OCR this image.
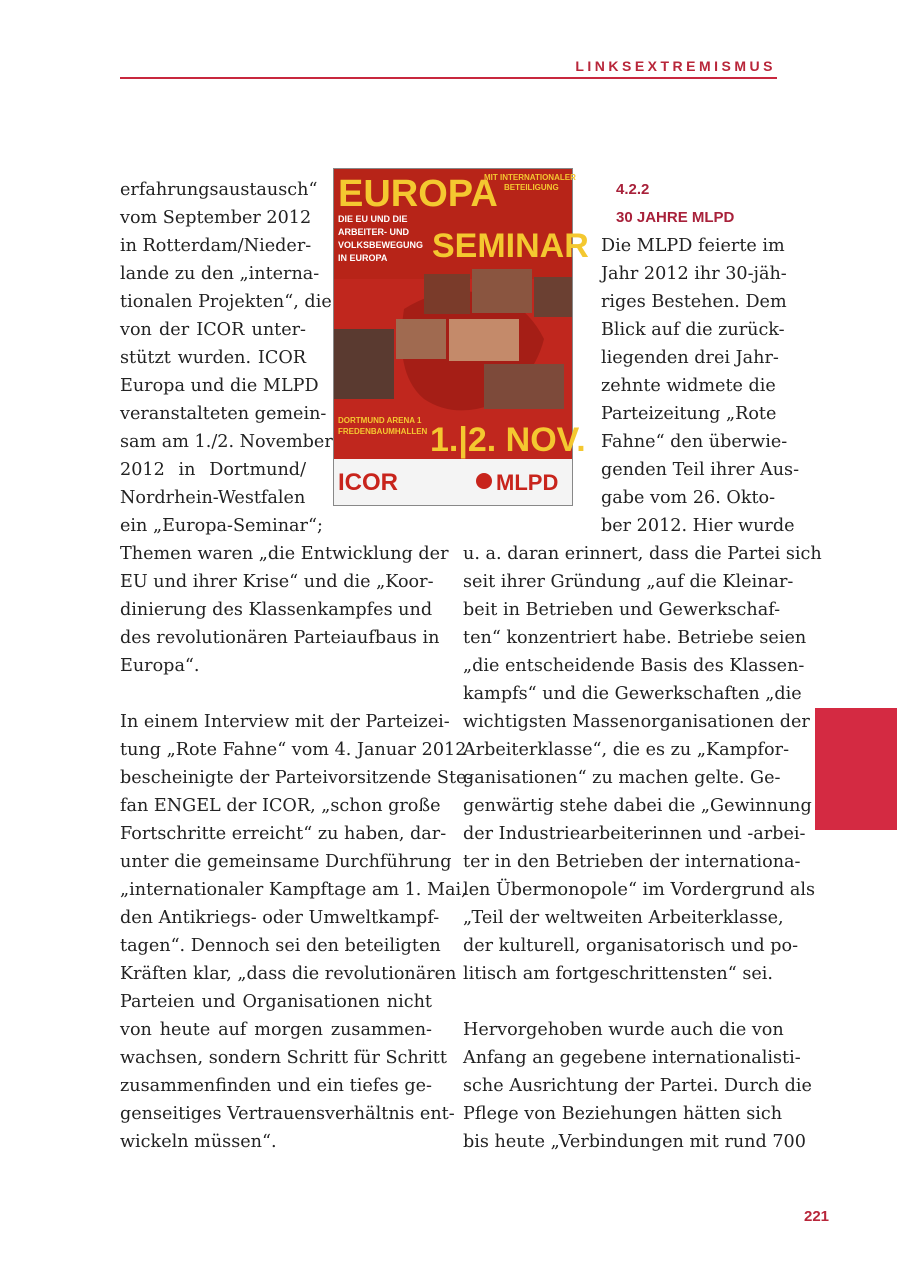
LINKSEXTREMISMUS
erfahrungsaustausch“
vom September 2012
in Rotterdam/Nieder-
lande zu den „interna-
tionalen Projekten“, die
von der ICOR unter-
stützt wurden. ICOR
Europa und die MLPD
veranstalteten gemein-
sam am 1./2. November
2012 in Dortmund/
Nordrhein-Westfalen
ein „Europa-Seminar“;
Themen waren „die Entwicklung der
EU und ihrer Krise“ und die „Koor-
dinierung des Klassenkampfes und
des revolutionären Parteiaufbaus in
Europa“.
In einem Interview mit der Parteizei-
tung „Rote Fahne“ vom 4. Januar 2012
bescheinigte der Parteivorsitzende Ste-
fan ENGEL der ICOR, „schon große
Fortschritte erreicht“ zu haben, dar-
unter die gemeinsame Durchführung
„internationaler Kampftage am 1. Mai,
den Antikriegs- oder Umweltkampf-
tagen“. Dennoch sei den beteiligten
Kräften klar, „dass die revolutionären
Parteien und Organisationen nicht
von heute auf morgen zusammen-
wachsen, sondern Schritt für Schritt
zusammenfinden und ein tiefes ge-
genseitiges Vertrauensverhältnis ent-
wickeln müssen“.
EUROPA
MIT INTERNATIONALER
BETEILIGUNG
DIE EU UND DIE
ARBEITER- UND
VOLKSBEWEGUNG
IN EUROPA SEMINAR
DORTMUND ARENA 1
FREDENBAUMHALLEN 1.|2. NOV.
ICOR	MLPD
4.2.2
30 JAHRE MLPD
Die MLPD feierte im
Jahr 2012 ihr 30-jäh-
riges Bestehen. Dem
Blick auf die zurück-
liegenden drei Jahr-
zehnte widmete die
Parteizeitung „Rote
Fahne“ den überwie-
genden Teil ihrer Aus-
gabe vom 26. Okto-
ber 2012. Hier wurde
u. a. daran erinnert, dass die Partei sich
seit ihrer Gründung „auf die Kleinar-
beit in Betrieben und Gewerkschaf-
ten“ konzentriert habe. Betriebe seien
„die entscheidende Basis des Klassen-
kampfs“ und die Gewerkschaften „die
wichtigsten Massenorganisationen der
Arbeiterklasse“, die es zu „Kampfor-
ganisationen“ zu machen gelte. Ge-
genwärtig stehe dabei die „Gewinnung
der Industriearbeiterinnen und -arbei-
ter in den Betrieben der internationa-
len Übermonopole“ im Vordergrund als
„Teil der weltweiten Arbeiterklasse,
der kulturell, organisatorisch und po-
litisch am fortgeschrittensten“ sei.
Hervorgehoben wurde auch die von
Anfang an gegebene internationalisti-
sche Ausrichtung der Partei. Durch die
Pflege von Beziehungen hätten sich
bis heute „Verbindungen mit rund 700
221
